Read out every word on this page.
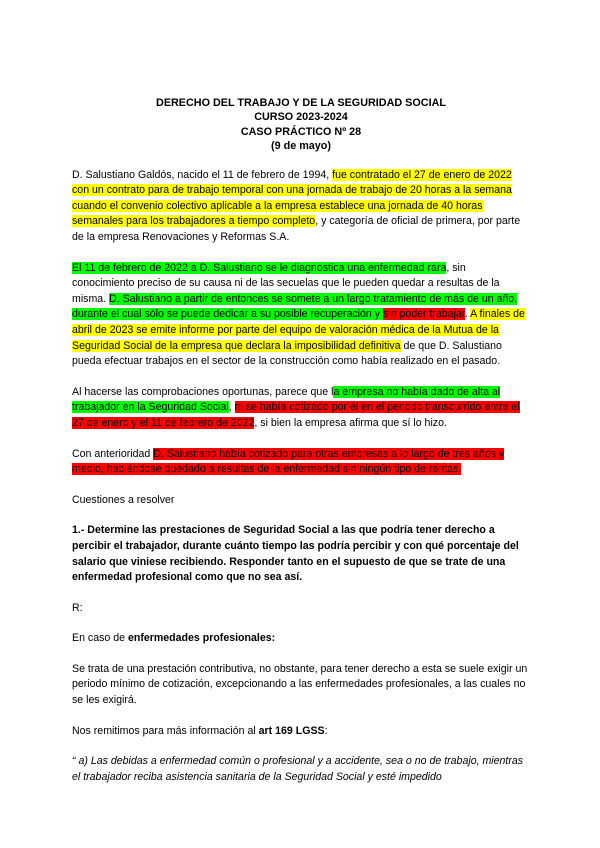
DERECHO DEL TRABAJO Y DE LA SEGURIDAD SOCIAL
CURSO 2023-2024
CASO PRÁCTICO Nº 28
(9 de mayo)

D. Salustiano Galdós, nacido el 11 de febrero de 1994, fue contratado el 27 de enero de 2022 con un contrato para de trabajo temporal con una jornada de trabajo de 20 horas a la semana cuando el convenio colectivo aplicable a la empresa establece una jornada de 40 horas semanales para los trabajadores a tiempo completo, y categoría de oficial de primera, por parte de la empresa Renovaciones y Reformas S.A.

El 11 de febrero de 2022 a D. Salustiano se le diagnostica una enfermedad rara, sin conocimiento preciso de su causa ni de las secuelas que le pueden quedar a resultas de la misma. D. Salustiano a partir de entonces se somete a un largo tratamiento de más de un año, durante el cual sólo se puede dedicar a su posible recuperación y sin poder trabajar. A finales de abril de 2023 se emite informe por parte del equipo de valoración médica de la Mutua de la Seguridad Social de la empresa que declara la imposibilidad definitiva de que D. Salustiano pueda efectuar trabajos en el sector de la construcción como había realizado en el pasado.

Al hacerse las comprobaciones oportunas, parece que la empresa no había dado de alta al trabajador en la Seguridad Social, ni se había cotizado por él en el periodo transcurrido entre el 27 de enero y el 11 de febrero de 2022, si bien la empresa afirma que sí lo hizo.

Con anterioridad D. Salustiano había cotizado para otras empresas a lo largo de tres años y medio, habiéndose quedado a resultas de la enfermedad sin ningún tipo de rentas.

Cuestiones a resolver

1.- Determine las prestaciones de Seguridad Social a las que podría tener derecho a percibir el trabajador, durante cuánto tiempo las podría percibir y con qué porcentaje del salario que viniese recibiendo. Responder tanto en el supuesto de que se trate de una enfermedad profesional como que no sea así.

R:

En caso de enfermedades profesionales:

Se trata de una prestación contributiva, no obstante, para tener derecho a esta se suele exigir un periodo mínimo de cotización, excepcionando a las enfermedades profesionales, a las cuales no se les exigirá.

Nos remitimos para más información al art 169 LGSS:

“ a) Las debidas a enfermedad común o profesional y a accidente, sea o no de trabajo, mientras el trabajador reciba asistencia sanitaria de la Seguridad Social y esté impedido
